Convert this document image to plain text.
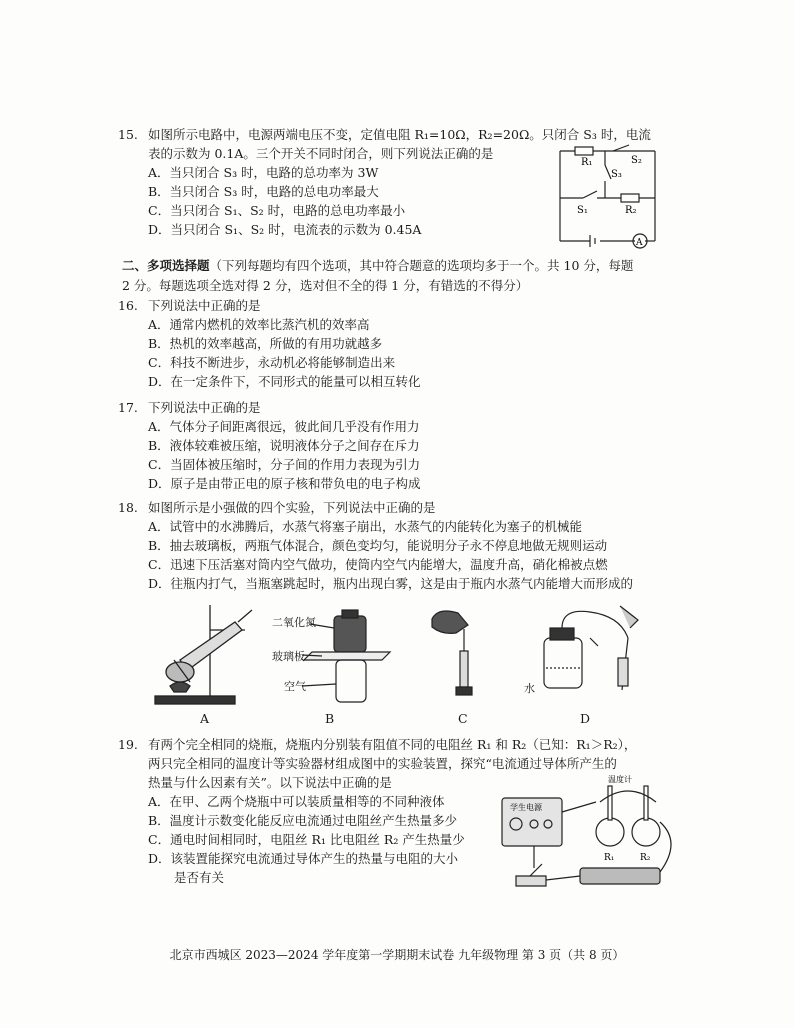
15. 如图所示电路中，电源两端电压不变，定值电阻 R₁=10Ω，R₂=20Ω。只闭合 S₃ 时，电流
表的示数为 0.1A。三个开关不同时闭合，则下列说法正确的是
A．当只闭合 S₃ 时，电路的总功率为 3W
B．当只闭合 S₃ 时，电路的总电功率最大
C．当只闭合 S₁、S₂ 时，电路的总电功率最小
D．当只闭合 S₁、S₂ 时，电流表的示数为 0.45A
R₁	S₂
S₃
S₁	R₂
A
二、多项选择题（下列每题均有四个选项，其中符合题意的选项均多于一个。共 10 分，每题
2 分。每题选项全选对得 2 分，选对但不全的得 1 分，有错选的不得分）
16. 下列说法中正确的是
A．通常内燃机的效率比蒸汽机的效率高
B．热机的效率越高，所做的有用功就越多
C．科技不断进步，永动机必将能够制造出来
D．在一定条件下，不同形式的能量可以相互转化
17. 下列说法中正确的是
A．气体分子间距离很远，彼此间几乎没有作用力
B．液体较难被压缩，说明液体分子之间存在斥力
C．当固体被压缩时，分子间的作用力表现为引力
D．原子是由带正电的原子核和带负电的电子构成
18. 如图所示是小强做的四个实验，下列说法中正确的是
A．试管中的水沸腾后，水蒸气将塞子崩出，水蒸气的内能转化为塞子的机械能
B．抽去玻璃板，两瓶气体混合，颜色变均匀，能说明分子永不停息地做无规则运动
C．迅速下压活塞对筒内空气做功，使筒内空气内能增大，温度升高，硝化棉被点燃
D．往瓶内打气，当瓶塞跳起时，瓶内出现白雾，这是由于瓶内水蒸气内能增大而形成的
A
二氧化氮
玻璃板
空气
B	C
水
D
19. 有两个完全相同的烧瓶，烧瓶内分别装有阻值不同的电阻丝 R₁ 和 R₂（已知：R₁＞R₂），
两只完全相同的温度计等实验器材组成图中的实验装置，探究“电流通过导体所产生的
热量与什么因素有关”。以下说法中正确的是
A．在甲、乙两个烧瓶中可以装质量相等的不同种液体
B．温度计示数变化能反应电流通过电阻丝产生热量多少
C．通电时间相同时，电阻丝 R₁ 比电阻丝 R₂ 产生热量少
D．该装置能探究电流通过导体产生的热量与电阻的大小
是否有关
温度计
学生电源
R₁	R₂
北京市西城区 2023—2024 学年度第一学期期末试卷 九年级物理 第 3 页（共 8 页）
